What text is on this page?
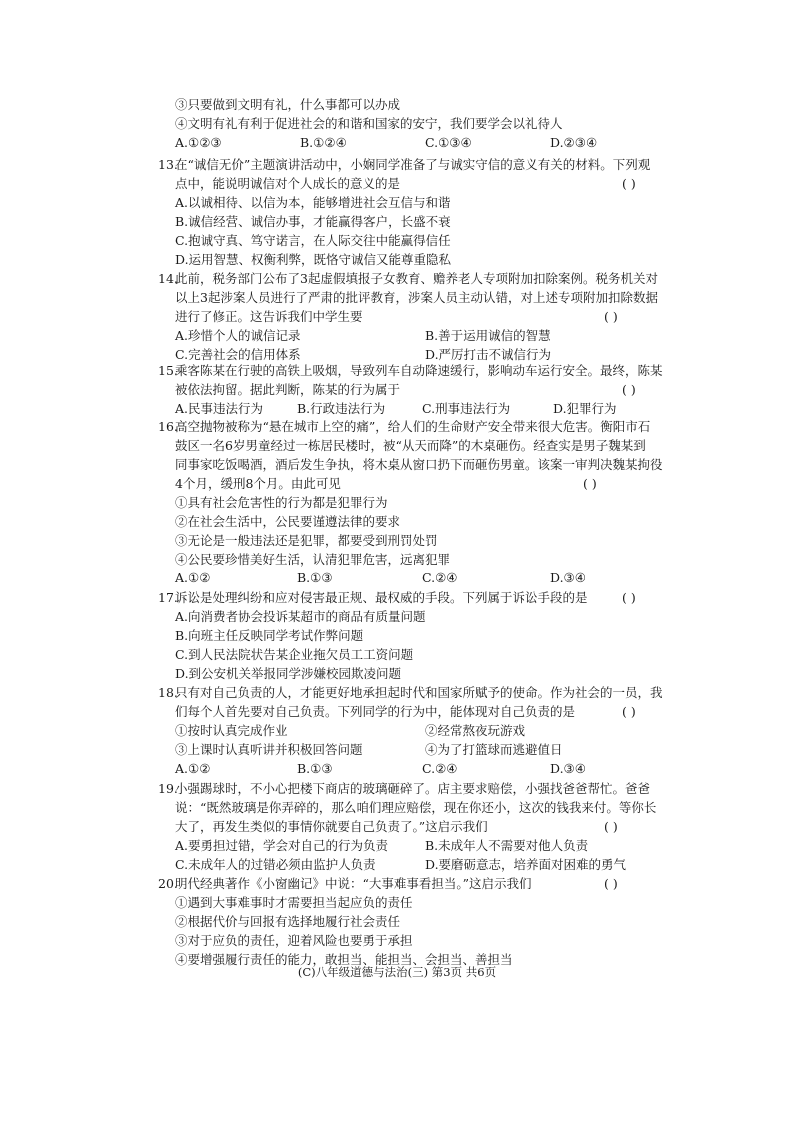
③只要做到文明有礼，什么事都可以办成
④文明有礼有利于促进社会的和谐和国家的安宁，我们要学会以礼待人
A.①②③	B.①②④	C.①③④	D.②③④
13.
在“诚信无价”主题演讲活动中，小娴同学准备了与诚实守信的意义有关的材料。下列观
点中，能说明诚信对个人成长的意义的是	( )
A.以诚相待、以信为本，能够增进社会互信与和谐
B.诚信经营、诚信办事，才能赢得客户，长盛不衰
C.抱诚守真、笃守诺言，在人际交往中能赢得信任
D.运用智慧、权衡利弊，既恪守诚信又能尊重隐私
14.
此前，税务部门公布了3起虚假填报子女教育、赡养老人专项附加扣除案例。税务机关对
以上3起涉案人员进行了严肃的批评教育，涉案人员主动认错，对上述专项附加扣除数据
进行了修正。这告诉我们中学生要	( )
A.珍惜个人的诚信记录	B.善于运用诚信的智慧
C.完善社会的信用体系	D.严厉打击不诚信行为
15.
乘客陈某在行驶的高铁上吸烟，导致列车自动降速缓行，影响动车运行安全。最终，陈某
被依法拘留。据此判断，陈某的行为属于	( )
A.民事违法行为	B.行政违法行为	C.刑事违法行为	D.犯罪行为
16.
高空抛物被称为“悬在城市上空的痛”，给人们的生命财产安全带来很大危害。衡阳市石
鼓区一名6岁男童经过一栋居民楼时，被“从天而降”的木桌砸伤。经查实是男子魏某到
同事家吃饭喝酒，酒后发生争执，将木桌从窗口扔下而砸伤男童。该案一审判决魏某拘役
4个月，缓刑8个月。由此可见	( )
①具有社会危害性的行为都是犯罪行为
②在社会生活中，公民要谨遵法律的要求
③无论是一般违法还是犯罪，都要受到刑罚处罚
④公民要珍惜美好生活，认清犯罪危害，远离犯罪
A.①②	B.①③	C.②④	D.③④
17.
诉讼是处理纠纷和应对侵害最正规、最权威的手段。下列属于诉讼手段的是	( )
A.向消费者协会投诉某超市的商品有质量问题
B.向班主任反映同学考试作弊问题
C.到人民法院状告某企业拖欠员工工资问题
D.到公安机关举报同学涉嫌校园欺凌问题
18.
只有对自己负责的人，才能更好地承担起时代和国家所赋予的使命。作为社会的一员，我
们每个人首先要对自己负责。下列同学的行为中，能体现对自己负责的是	( )
①按时认真完成作业	②经常熬夜玩游戏
③上课时认真听讲并积极回答问题	④为了打篮球而逃避值日
A.①②	B.①③	C.②④	D.③④
19.
小强踢球时，不小心把楼下商店的玻璃砸碎了。店主要求赔偿，小强找爸爸帮忙。爸爸
说：“既然玻璃是你弄碎的，那么咱们理应赔偿，现在你还小，这次的钱我来付。等你长
大了，再发生类似的事情你就要自己负责了。”这启示我们	( )
A.要勇担过错，学会对自己的行为负责	B.未成年人不需要对他人负责
C.未成年人的过错必须由监护人负责	D.要磨砺意志，培养面对困难的勇气
20.
明代经典著作《小窗幽记》中说：“大事难事看担当。”这启示我们	( )
①遇到大事难事时才需要担当起应负的责任
②根据代价与回报有选择地履行社会责任
③对于应负的责任，迎着风险也要勇于承担
④要增强履行责任的能力，敢担当、能担当、会担当、善担当
(C)八年级道德与法治(三) 第3页 共6页
